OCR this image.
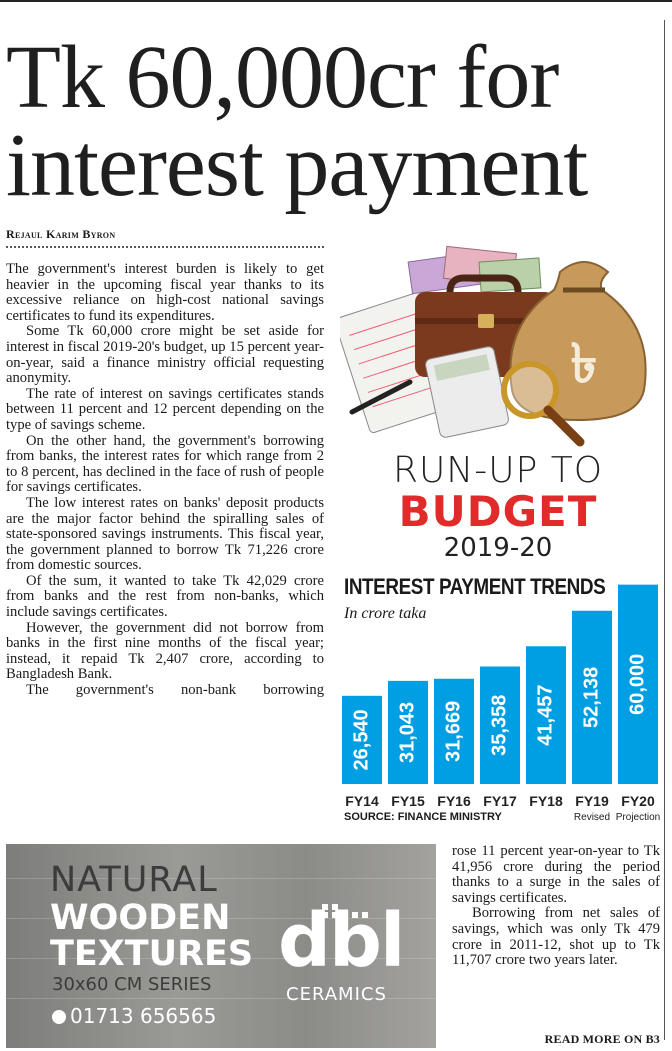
Tk 60,000cr for interest payment
Rejaul Karim Byron

The government's interest burden is likely to get heavier in the upcoming fiscal year thanks to its excessive reliance on high-cost national savings certificates to fund its expenditures.

Some Tk 60,000 crore might be set aside for interest in fiscal 2019-20's budget, up 15 percent year-on-year, said a finance ministry official requesting anonymity.

The rate of interest on savings certificates stands between 11 percent and 12 percent depending on the type of savings scheme.

On the other hand, the government's borrowing from banks, the interest rates for which range from 2 to 8 percent, has declined in the face of rush of people for savings certificates.

The low interest rates on banks' deposit products are the major factor behind the spiralling sales of state-sponsored savings instruments. This fiscal year, the government planned to borrow Tk 71,226 crore from domestic sources.

Of the sum, it wanted to take Tk 42,029 crore from banks and the rest from non-banks, which include savings certificates.

However, the government did not borrow from banks in the first nine months of the fiscal year; instead, it repaid Tk 2,407 crore, according to Bangladesh Bank.

The government's non-bank borrowing

৳
RUN-UP TO
BUDGET
2019-20
26,540
FY14
31,043
FY15
31,669
FY16
35,358
FY17
41,457
FY18
52,138
FY19
Revised
60,000
FY20
Projection
INTEREST PAYMENT TRENDS
In crore taka
SOURCE: FINANCE MINISTRY
NATURAL
WOODEN
TEXTURES
30x60 CM SERIES
01713 656565
dbl
CERAMICS

rose 11 percent year-on-year to Tk 41,956 crore during the period thanks to a surge in the sales of savings certificates.

Borrowing from net sales of savings, which was only Tk 479 crore in 2011-12, shot up to Tk 11,707 crore two years later.

READ MORE ON B3
